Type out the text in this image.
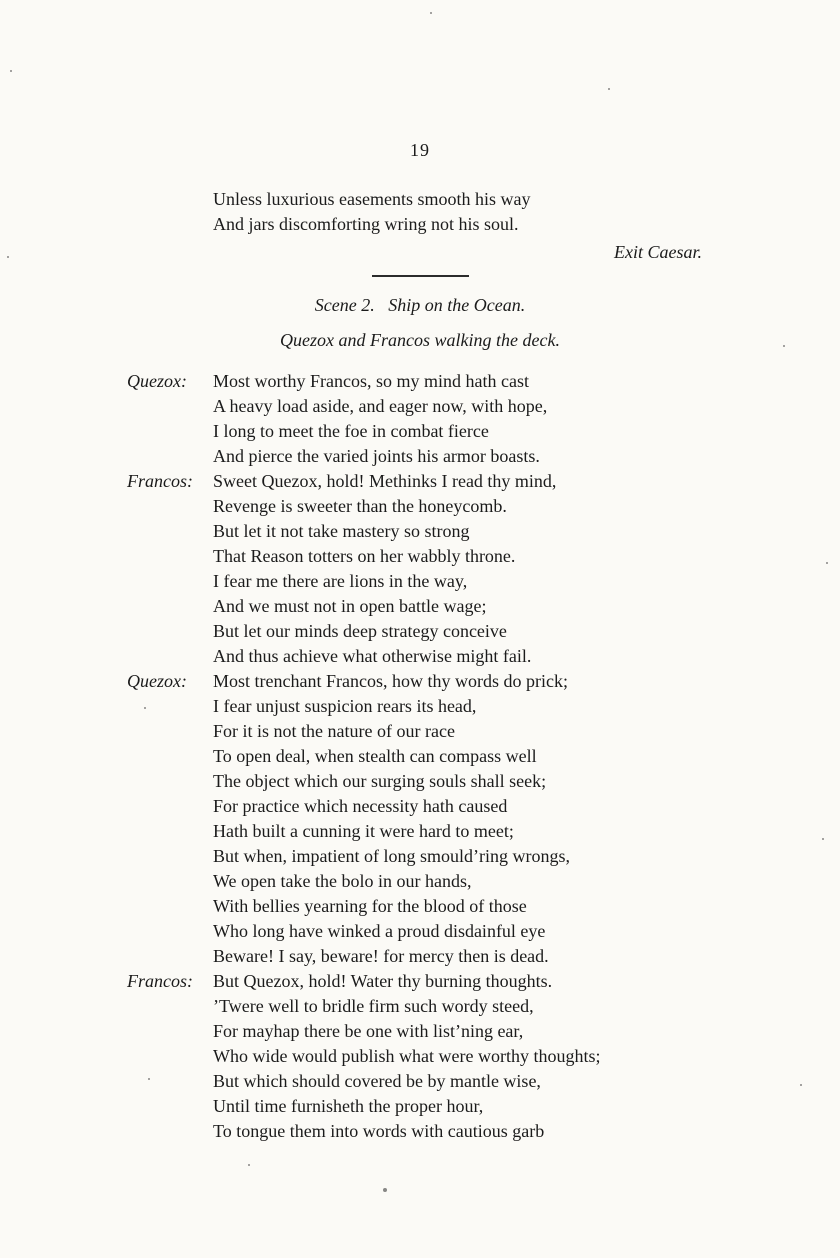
19
Unless luxurious easements smooth his way
And jars discomforting wring not his soul.
Exit Caesar.
Scene 2.   Ship on the Ocean.
Quezox and Francos walking the deck.
Quezox: Most worthy Francos, so my mind hath cast
A heavy load aside, and eager now, with hope,
I long to meet the foe in combat fierce
And pierce the varied joints his armor boasts.
Francos: Sweet Quezox, hold! Methinks I read thy mind,
Revenge is sweeter than the honeycomb.
But let it not take mastery so strong
That Reason totters on her wabbly throne.
I fear me there are lions in the way,
And we must not in open battle wage;
But let our minds deep strategy conceive
And thus achieve what otherwise might fail.
Quezox: Most trenchant Francos, how thy words do prick;
I fear unjust suspicion rears its head,
For it is not the nature of our race
To open deal, when stealth can compass well
The object which our surging souls shall seek;
For practice which necessity hath caused
Hath built a cunning it were hard to meet;
But when, impatient of long smould’ring wrongs,
We open take the bolo in our hands,
With bellies yearning for the blood of those
Who long have winked a proud disdainful eye
Beware! I say, beware! for mercy then is dead.
Francos: But Quezox, hold! Water thy burning thoughts.
’Twere well to bridle firm such wordy steed,
For mayhap there be one with list’ning ear,
Who wide would publish what were worthy thoughts;
But which should covered be by mantle wise,
Until time furnisheth the proper hour,
To tongue them into words with cautious garb
